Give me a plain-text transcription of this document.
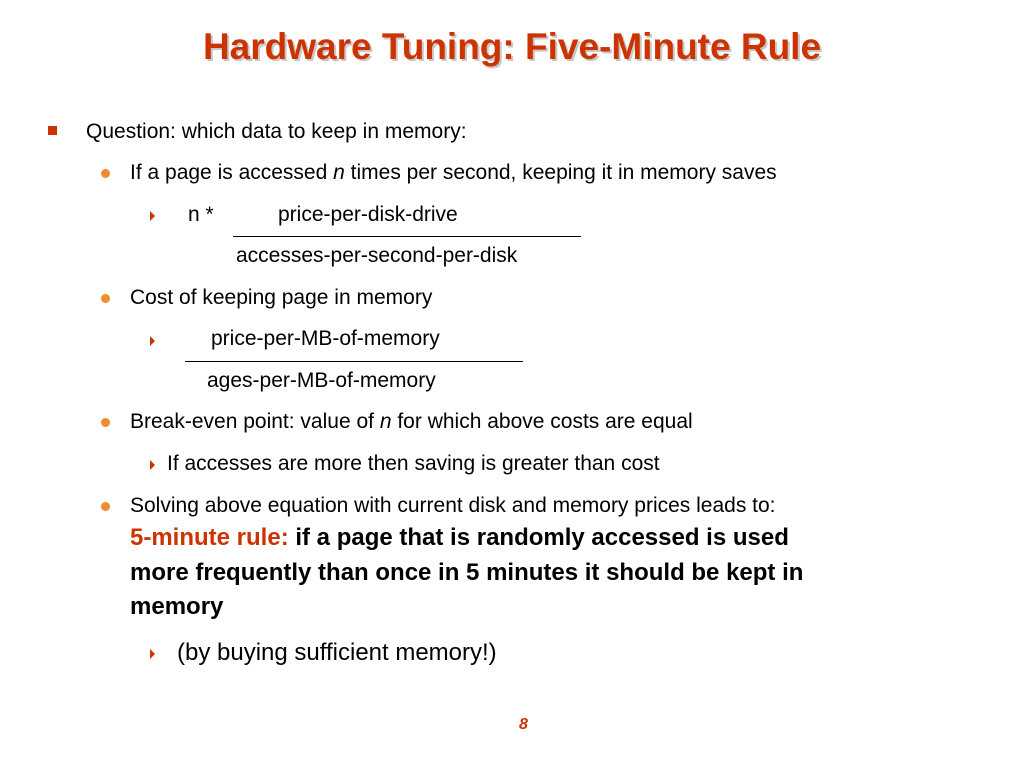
Hardware Tuning: Five-Minute Rule
Question: which data to keep in memory:
If a page is accessed n times per second, keeping it in memory saves
n *	price-per-disk-drive
accesses-per-second-per-disk
Cost of keeping page in memory
price-per-MB-of-memory
ages-per-MB-of-memory
Break-even point: value of n for which above costs are equal
If accesses are more then saving is greater than cost
Solving above equation with current disk and memory prices leads to:
5-minute rule: if a page that is randomly accessed is used
more frequently than once in 5 minutes it should be kept in
memory
(by buying sufficient memory!)
8
